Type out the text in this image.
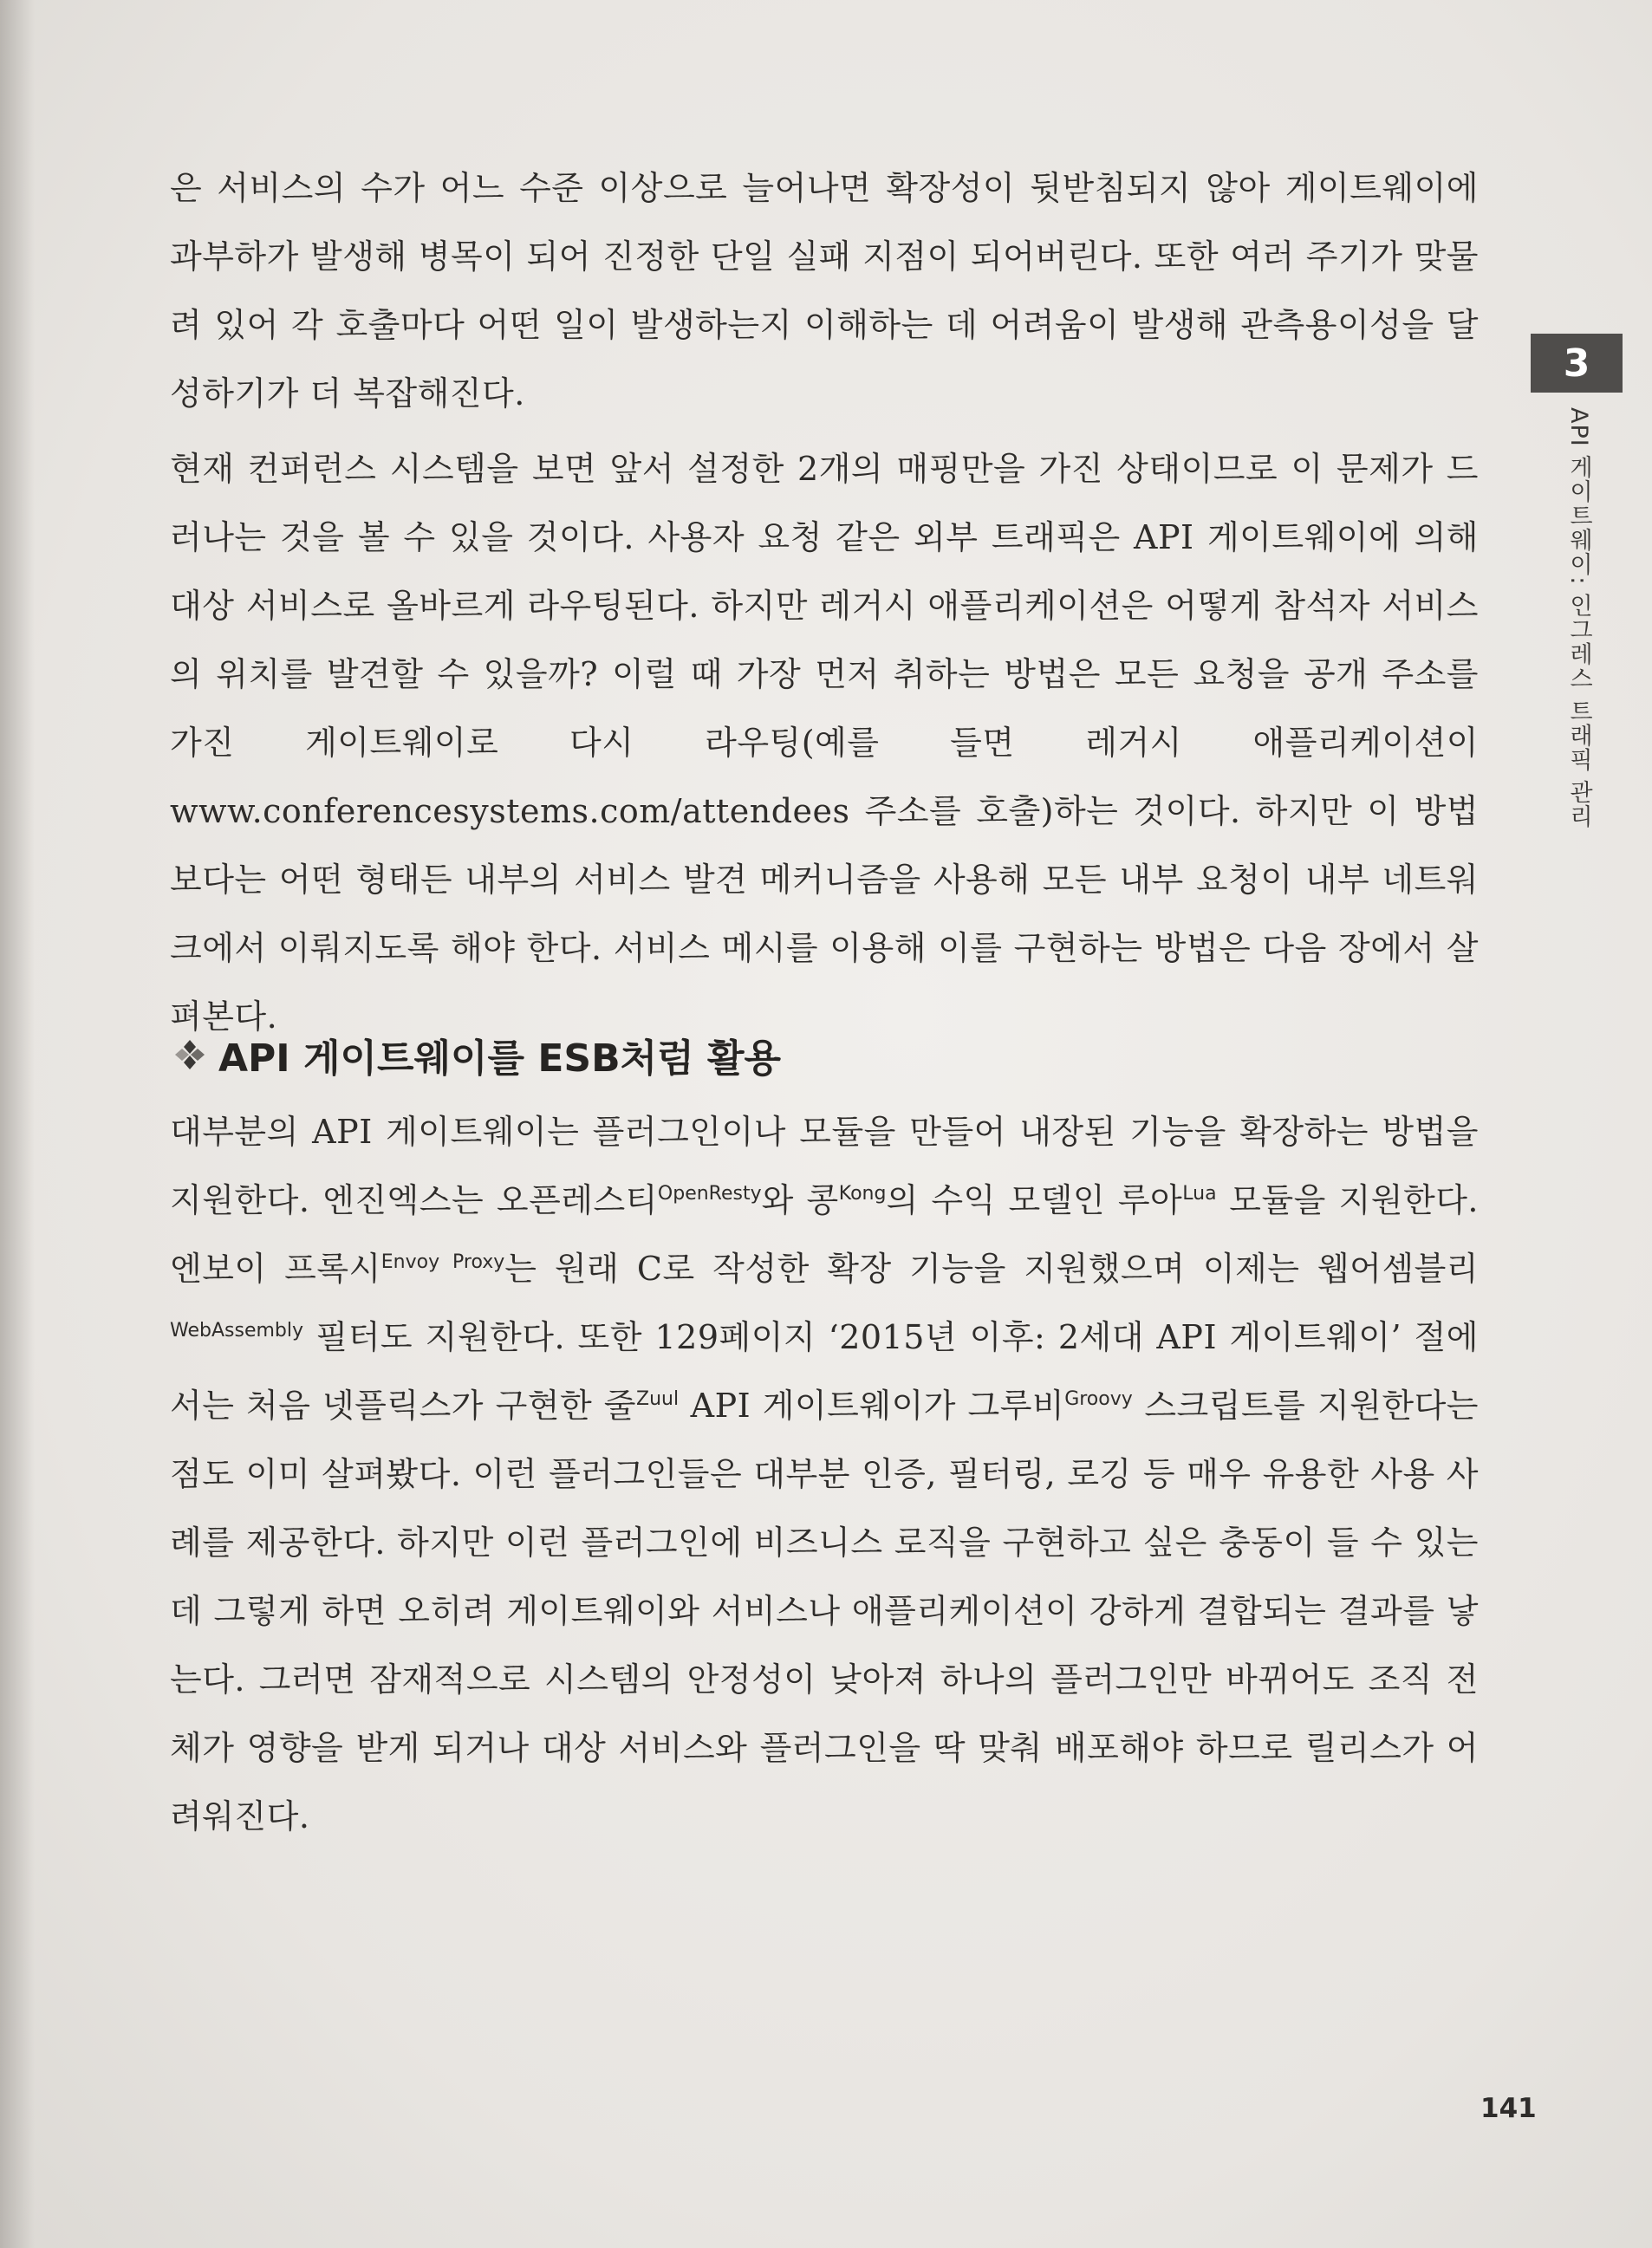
은 서비스의 수가 어느 수준 이상으로 늘어나면 확장성이 뒷받침되지 않아 게이트웨이에 과부하가 발생해 병목이 되어 진정한 단일 실패 지점이 되어버린다. 또한 여러 주기가 맞물려 있어 각 호출마다 어떤 일이 발생하는지 이해하는 데 어려움이 발생해 관측용이성을 달성하기가 더 복잡해진다.

현재 컨퍼런스 시스템을 보면 앞서 설정한 2개의 매핑만을 가진 상태이므로 이 문제가 드러나는 것을 볼 수 있을 것이다. 사용자 요청 같은 외부 트래픽은 API 게이트웨이에 의해 대상 서비스로 올바르게 라우팅된다. 하지만 레거시 애플리케이션은 어떻게 참석자 서비스의 위치를 발견할 수 있을까? 이럴 때 가장 먼저 취하는 방법은 모든 요청을 공개 주소를 가진 게이트웨이로 다시 라우팅(예를 들면 레거시 애플리케이션이 www.conferencesystems.com/attendees 주소를 호출)하는 것이다. 하지만 이 방법보다는 어떤 형태든 내부의 서비스 발견 메커니즘을 사용해 모든 내부 요청이 내부 네트워크에서 이뤄지도록 해야 한다. 서비스 메시를 이용해 이를 구현하는 방법은 다음 장에서 살펴본다.

API 게이트웨이를 ESB처럼 활용

대부분의 API 게이트웨이는 플러그인이나 모듈을 만들어 내장된 기능을 확장하는 방법을 지원한다. 엔진엑스는 오픈레스티$^{OpenResty}$와 콩$^{Kong}$의 수익 모델인 루아$^{Lua}$ 모듈을 지원한다. 엔보이 프록시$^{Envoy Proxy}$는 원래 C로 작성한 확장 기능을 지원했으며 이제는 웹어셈블리$^{WebAssembly}$ 필터도 지원한다. 또한 129페이지 ‘2015년 이후: 2세대 API 게이트웨이’ 절에서는 처음 넷플릭스가 구현한 줄$^{Zuul}$ API 게이트웨이가 그루비$^{Groovy}$ 스크립트를 지원한다는 점도 이미 살펴봤다. 이런 플러그인들은 대부분 인증, 필터링, 로깅 등 매우 유용한 사용 사례를 제공한다. 하지만 이런 플러그인에 비즈니스 로직을 구현하고 싶은 충동이 들 수 있는데 그렇게 하면 오히려 게이트웨이와 서비스나 애플리케이션이 강하게 결합되는 결과를 낳는다. 그러면 잠재적으로 시스템의 안정성이 낮아져 하나의 플러그인만 바뀌어도 조직 전체가 영향을 받게 되거나 대상 서비스와 플러그인을 딱 맞춰 배포해야 하므로 릴리스가 어려워진다.

3
API 게이트웨이: 인그레스 트래픽 관리
141
